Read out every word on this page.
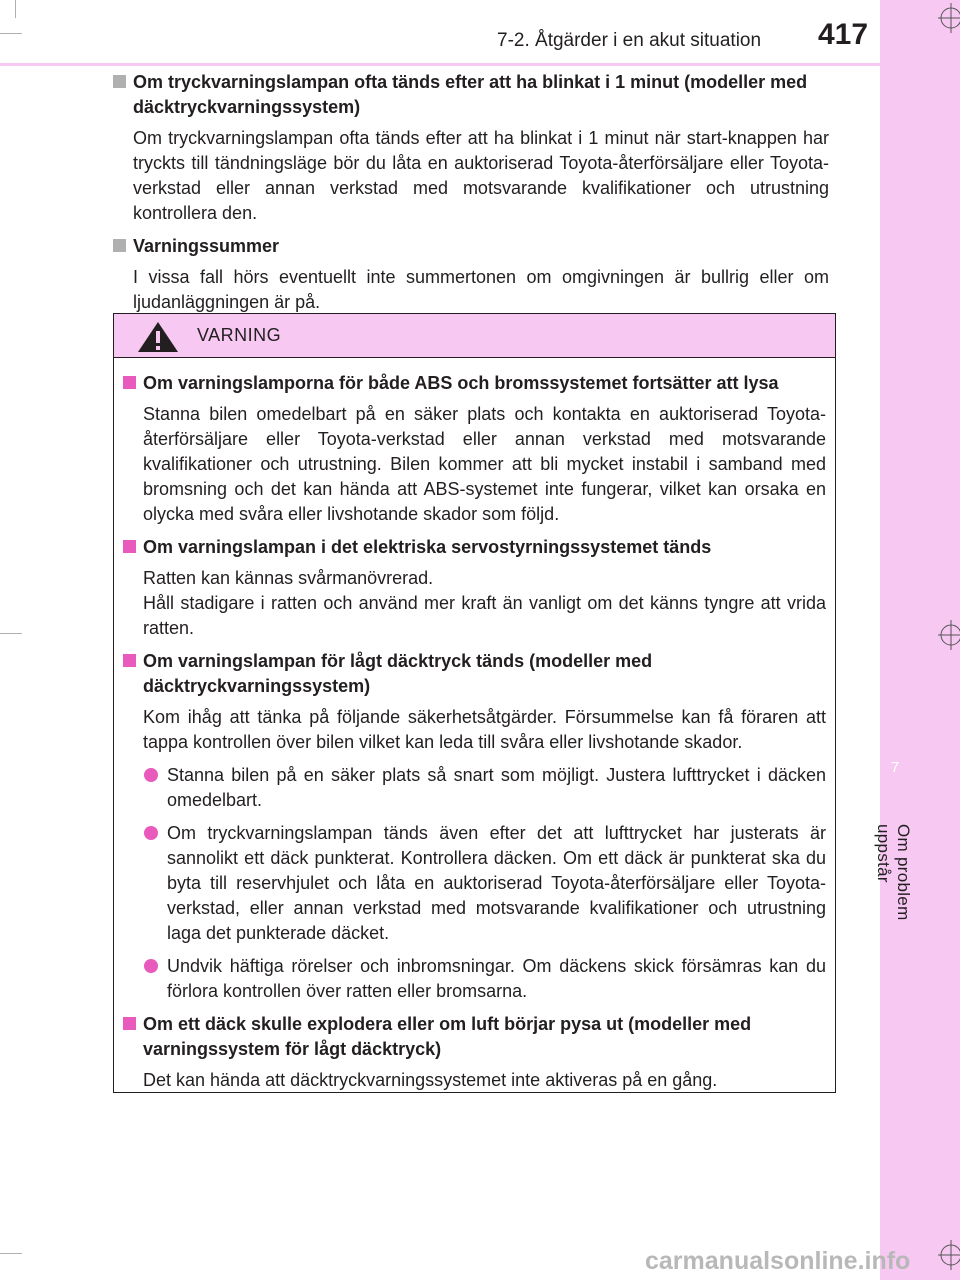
7
Om problem uppstår
7-2. Åtgärder i en akut situation 417
Om tryckvarningslampan ofta tänds efter att ha blinkat i 1 minut (modeller med däcktryckvarningssystem)
Om tryckvarningslampan ofta tänds efter att ha blinkat i 1 minut när start-knappen har tryckts till tändningsläge bör du låta en auktoriserad Toyota-återförsäljare eller Toyota-verkstad eller annan verkstad med motsvarande kvalifikationer och utrustning kontrollera den.
Varningssummer
I vissa fall hörs eventuellt inte summertonen om omgivningen är bullrig eller om ljudanläggningen är på.
VARNING
Om varningslamporna för både ABS och bromssystemet fortsätter att lysa
Stanna bilen omedelbart på en säker plats och kontakta en auktoriserad Toyota-återförsäljare eller Toyota-verkstad eller annan verkstad med motsvarande kvalifikationer och utrustning. Bilen kommer att bli mycket instabil i samband med bromsning och det kan hända att ABS-systemet inte fungerar, vilket kan orsaka en olycka med svåra eller livshotande skador som följd.
Om varningslampan i det elektriska servostyrningssystemet tänds
Ratten kan kännas svårmanövrerad.
Håll stadigare i ratten och använd mer kraft än vanligt om det känns tyngre att vrida ratten.
Om varningslampan för lågt däcktryck tänds (modeller med däcktryckvarningssystem)
Kom ihåg att tänka på följande säkerhetsåtgärder. Försummelse kan få föraren att tappa kontrollen över bilen vilket kan leda till svåra eller livshotande skador.
Stanna bilen på en säker plats så snart som möjligt. Justera lufttrycket i däcken omedelbart.
Om tryckvarningslampan tänds även efter det att lufttrycket har justerats är sannolikt ett däck punkterat. Kontrollera däcken. Om ett däck är punkterat ska du byta till reservhjulet och låta en auktoriserad Toyota-återförsäljare eller Toyota-verkstad, eller annan verkstad med motsvarande kvalifikationer och utrustning laga det punkterade däcket.
Undvik häftiga rörelser och inbromsningar. Om däckens skick försämras kan du förlora kontrollen över ratten eller bromsarna.
Om ett däck skulle explodera eller om luft börjar pysa ut (modeller med varningssystem för lågt däcktryck)
Det kan hända att däcktryckvarningssystemet inte aktiveras på en gång.
carmanualsonline.info
